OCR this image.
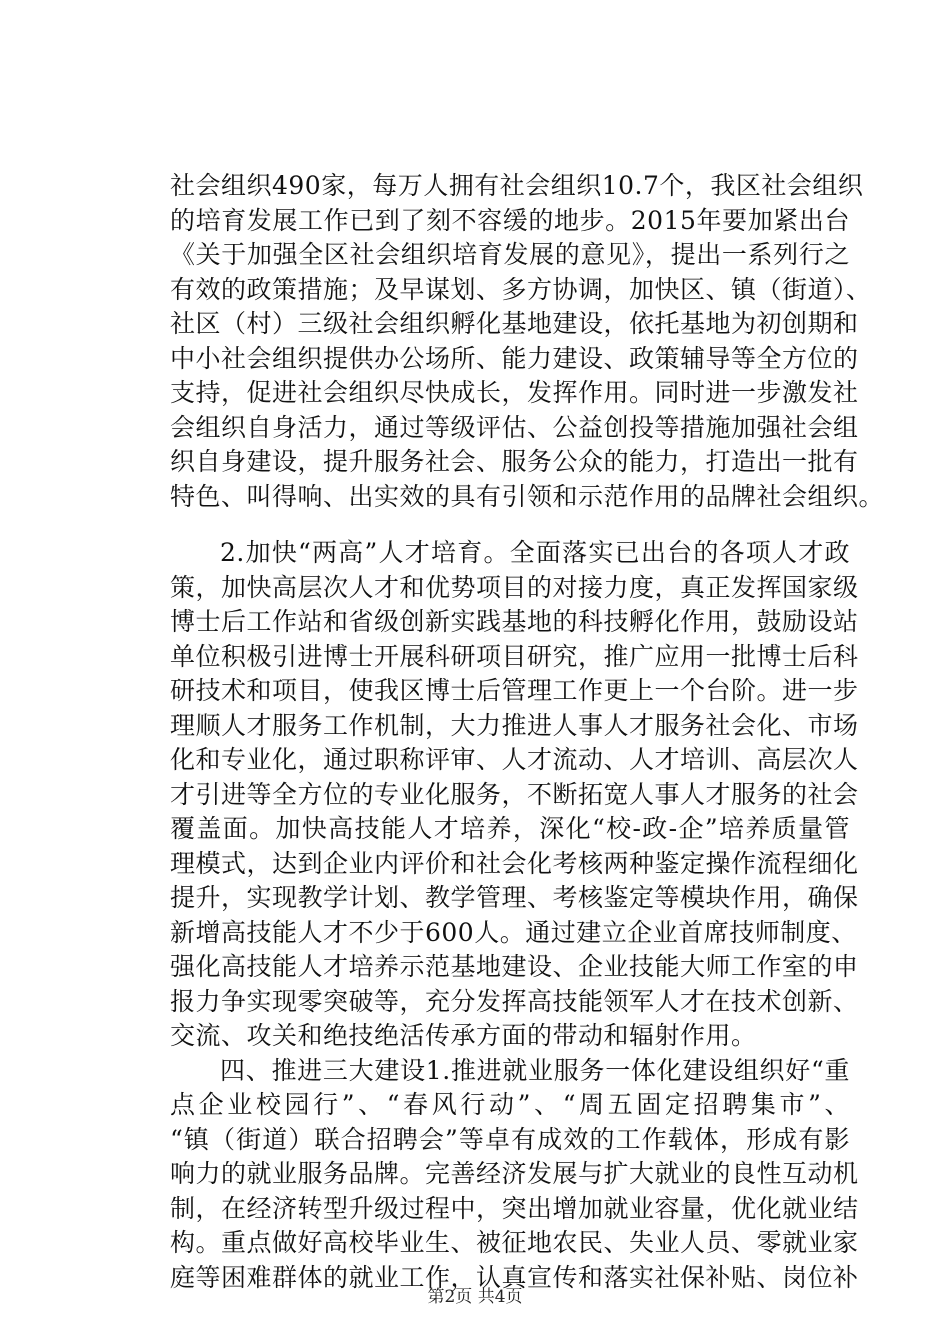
社会组织490家，每万人拥有社会组织10.7个，我区社会组织
的培育发展工作已到了刻不容缓的地步。2015年要加紧出台
《关于加强全区社会组织培育发展的意见》，提出一系列行之
有效的政策措施；及早谋划、多方协调，加快区、镇（街道）、
社区（村）三级社会组织孵化基地建设，依托基地为初创期和
中小社会组织提供办公场所、能力建设、政策辅导等全方位的
支持，促进社会组织尽快成长，发挥作用。同时进一步激发社
会组织自身活力，通过等级评估、公益创投等措施加强社会组
织自身建设，提升服务社会、服务公众的能力，打造出一批有
特色、叫得响、出实效的具有引领和示范作用的品牌社会组织。
2.加快“两高”人才培育。全面落实已出台的各项人才政
策，加快高层次人才和优势项目的对接力度，真正发挥国家级
博士后工作站和省级创新实践基地的科技孵化作用，鼓励设站
单位积极引进博士开展科研项目研究，推广应用一批博士后科
研技术和项目，使我区博士后管理工作更上一个台阶。进一步
理顺人才服务工作机制，大力推进人事人才服务社会化、市场
化和专业化，通过职称评审、人才流动、人才培训、高层次人
才引进等全方位的专业化服务，不断拓宽人事人才服务的社会
覆盖面。加快高技能人才培养，深化“校-政-企”培养质量管
理模式，达到企业内评价和社会化考核两种鉴定操作流程细化
提升，实现教学计划、教学管理、考核鉴定等模块作用，确保
新增高技能人才不少于600人。通过建立企业首席技师制度、
强化高技能人才培养示范基地建设、企业技能大师工作室的申
报力争实现零突破等，充分发挥高技能领军人才在技术创新、
交流、攻关和绝技绝活传承方面的带动和辐射作用。
四、推进三大建设1.推进就业服务一体化建设组织好“重
点企业校园行”、“春风行动”、“周五固定招聘集市”、
“镇（街道）联合招聘会”等卓有成效的工作载体，形成有影
响力的就业服务品牌。完善经济发展与扩大就业的良性互动机
制，在经济转型升级过程中，突出增加就业容量，优化就业结
构。重点做好高校毕业生、被征地农民、失业人员、零就业家
庭等困难群体的就业工作，认真宣传和落实社保补贴、岗位补
第2页 共4页
